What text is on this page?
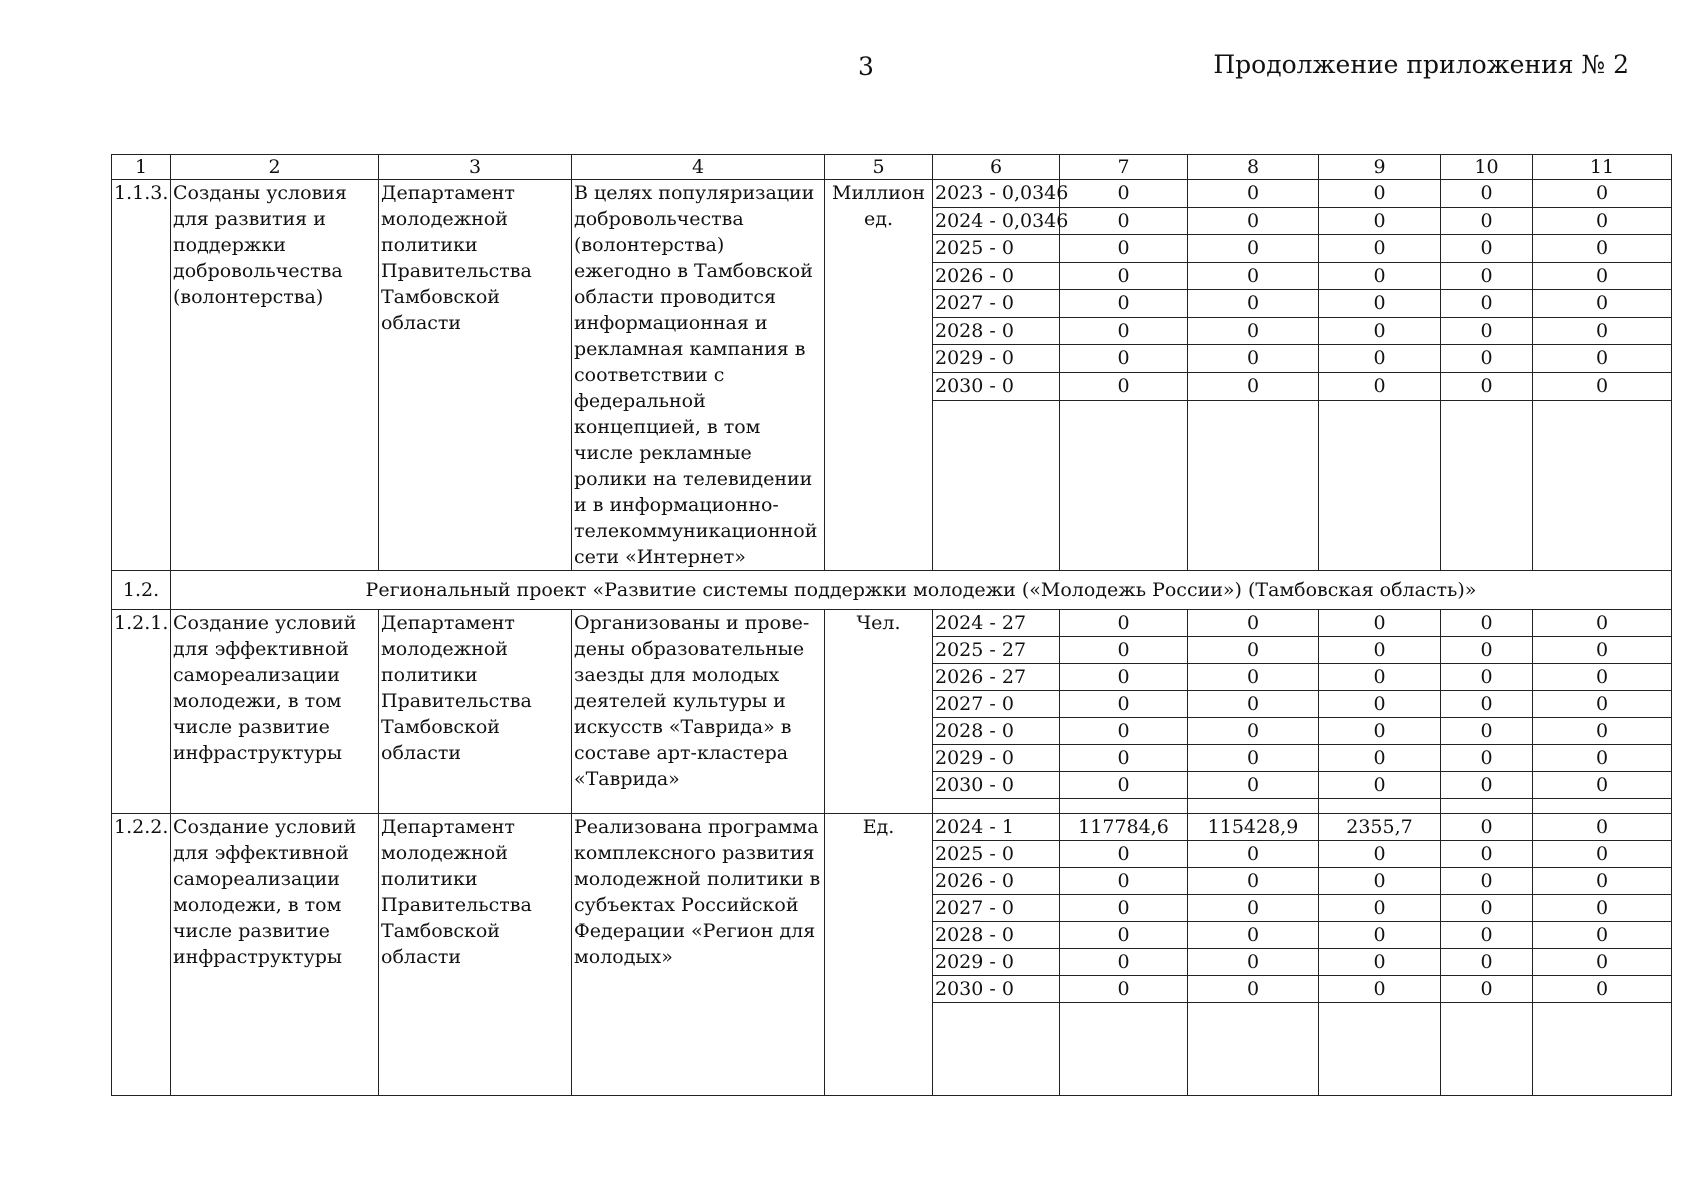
3	Продолжение приложения № 2
1	2	3	4	5	6	7	8	9	10	11
1.1.3.	Созданы условия для развития и поддержки добровольчества (волонтерства)	Департамент молодежной политики Правительства Тамбовской области	В целях популяризации добровольчества (волонтерства) ежегодно в Тамбовской области проводится информационная и рекламная кампания в соответствии с федеральной концепцией, в том числе рекламные ролики на телевидении и в информационно-телекоммуникационной сети «Интернет»	Миллион ед.	2023 - 0,0346	0	0	0	0	0
					2024 - 0,0346	0	0	0	0	0
					2025 - 0	0	0	0	0	0
					2026 - 0	0	0	0	0	0
					2027 - 0	0	0	0	0	0
					2028 - 0	0	0	0	0	0
					2029 - 0	0	0	0	0	0
					2030 - 0	0	0	0	0	0

1.2.	Региональный проект «Развитие системы поддержки молодежи («Молодежь России») (Тамбовская область)»									
1.2.1.	Создание условий для эффективной самореализации молодежи, в том числе развитие инфраструктуры	Департамент молодежной политики Правительства Тамбовской области	Организованы и прове-дены образовательные заезды для молодых деятелей культуры и искусств «Таврида» в составе арт-кластера «Таврида»	Чел.	2024 - 27	0	0	0	0	0
					2025 - 27	0	0	0	0	0
					2026 - 27	0	0	0	0	0
					2027 - 0	0	0	0	0	0
					2028 - 0	0	0	0	0	0
					2029 - 0	0	0	0	0	0
					2030 - 0	0	0	0	0	0

1.2.2.	Создание условий для эффективной самореализации молодежи, в том числе развитие инфраструктуры	Департамент молодежной политики Правительства Тамбовской области	Реализована программа комплексного развития молодежной политики в субъектах Российской Федерации «Регион для молодых»	Ед.	2024 - 1	117784,6	115428,9	2355,7	0	0
					2025 - 0	0	0	0	0	0
					2026 - 0	0	0	0	0	0
					2027 - 0	0	0	0	0	0
					2028 - 0	0	0	0	0	0
					2029 - 0	0	0	0	0	0
					2030 - 0	0	0	0	0	0
